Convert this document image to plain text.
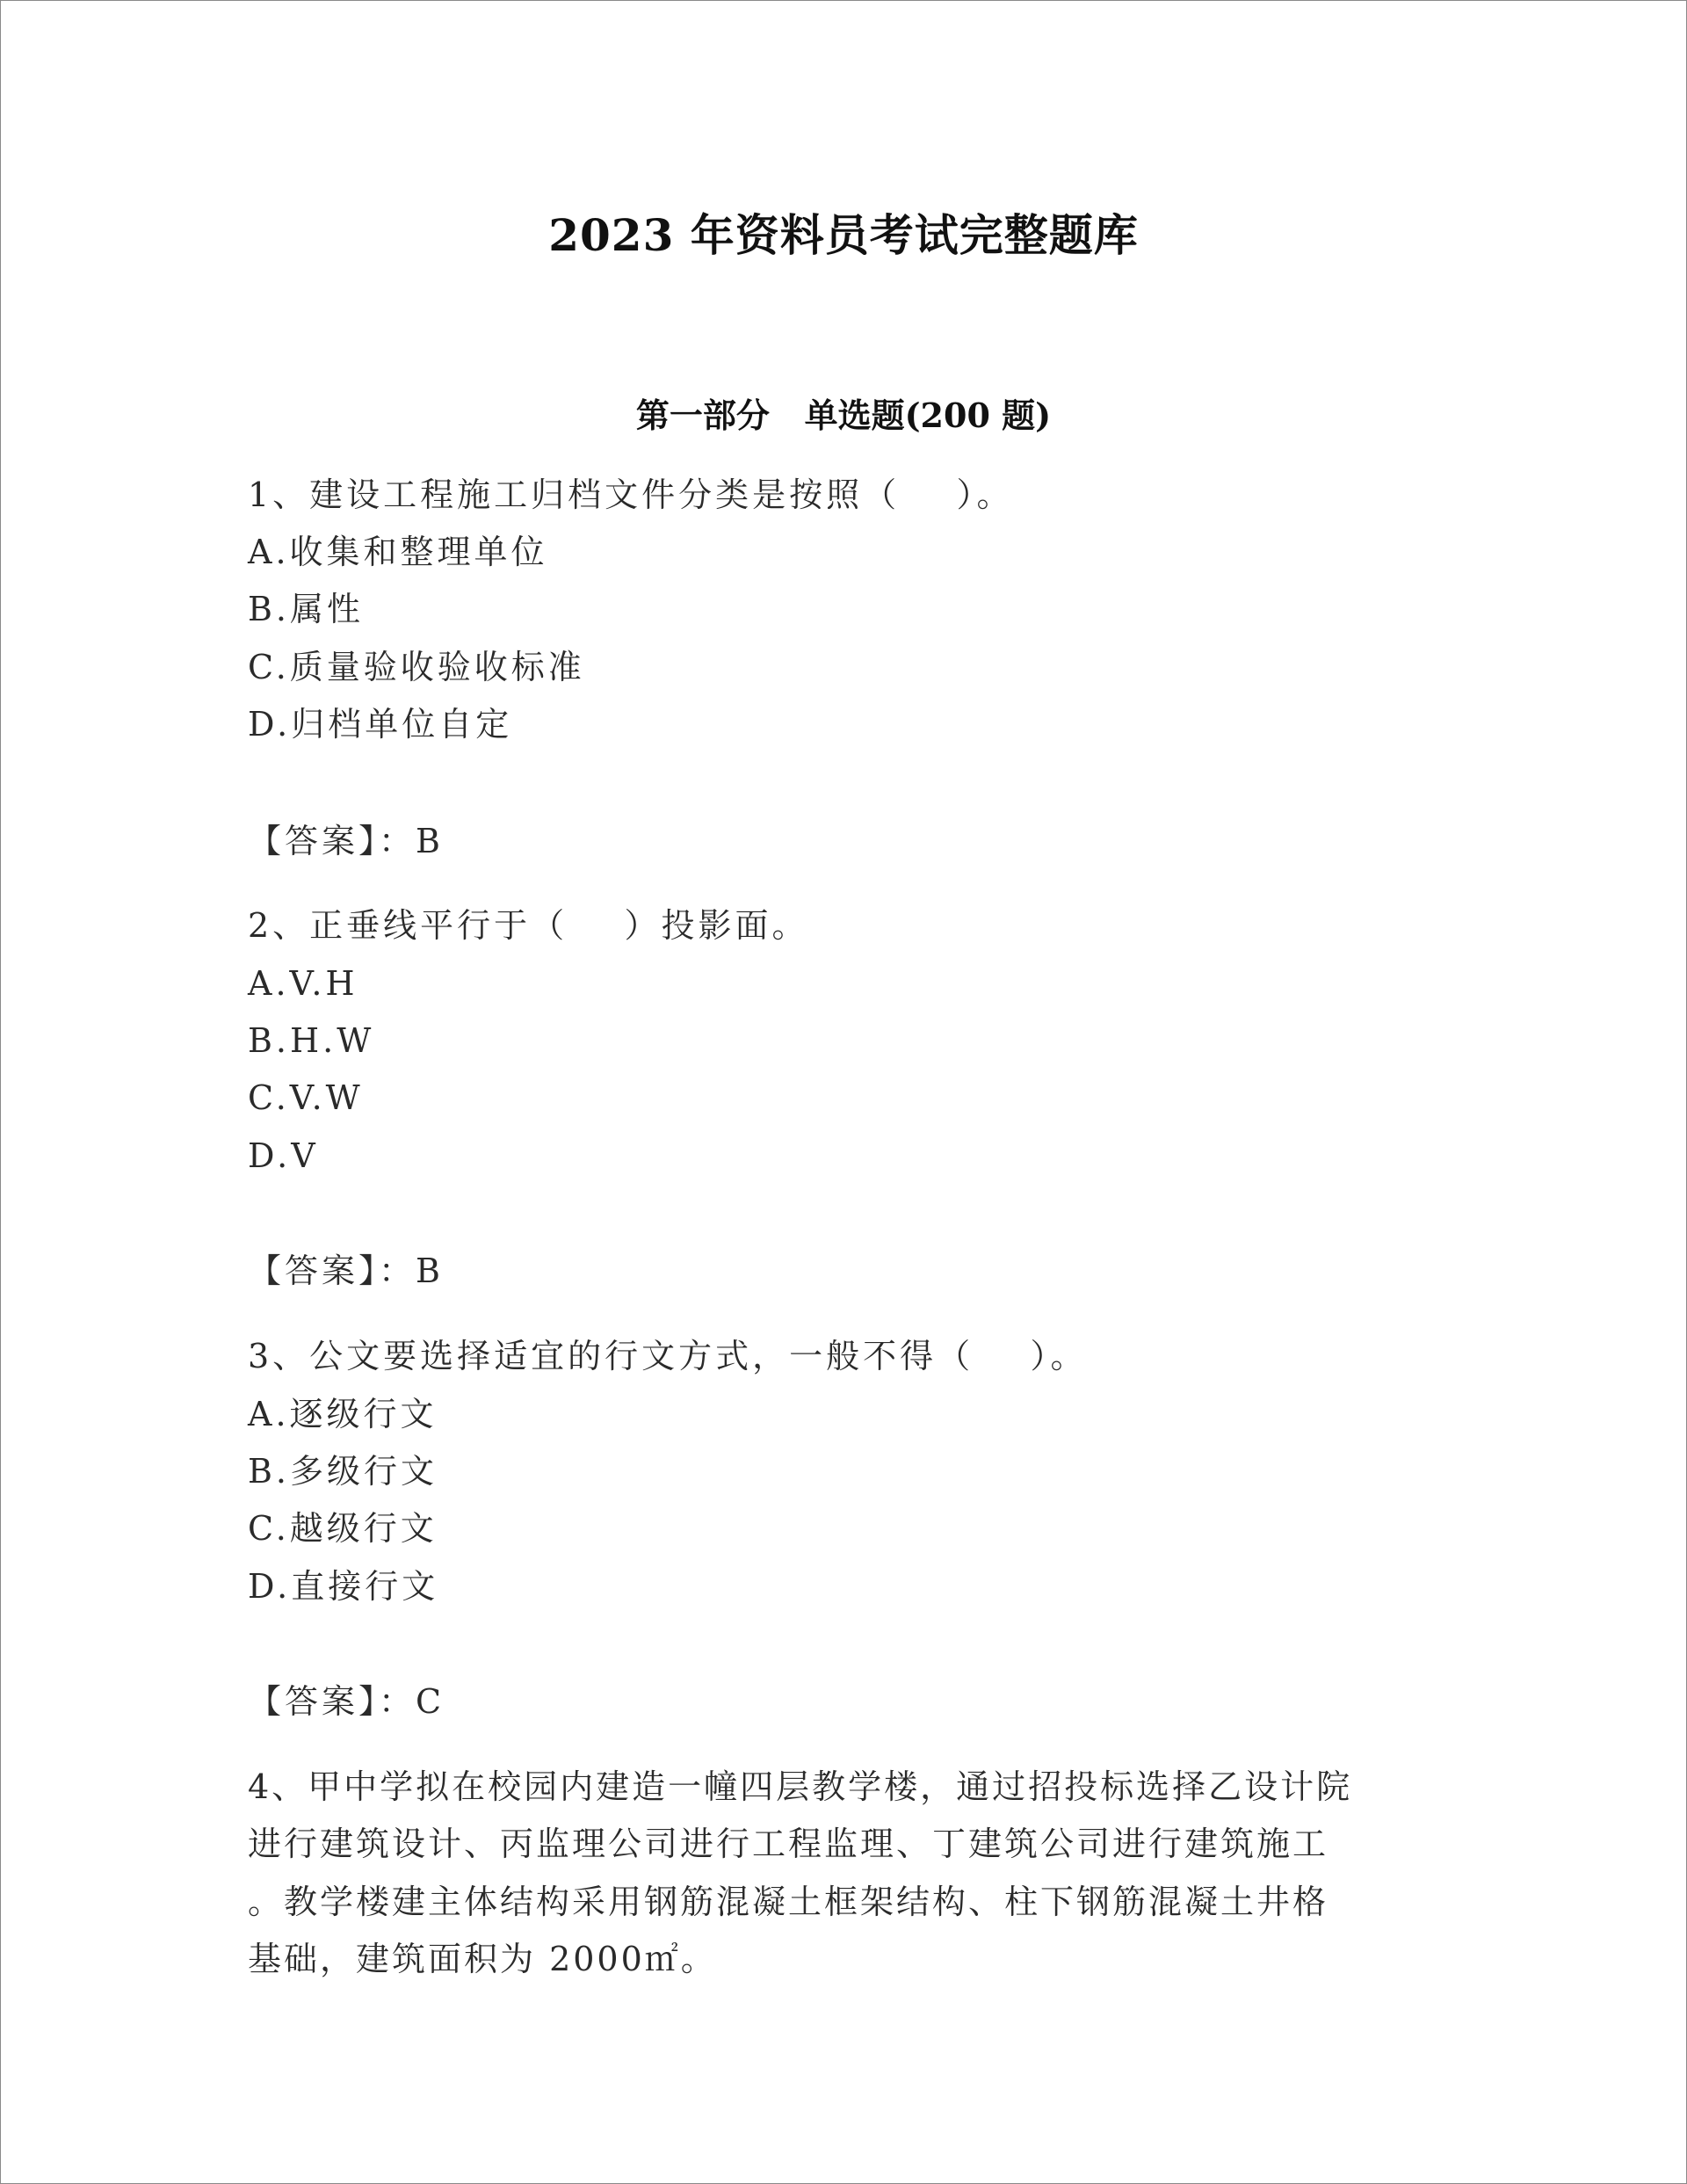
2023 年资料员考试完整题库
第一部分   单选题(200 题)
1、建设工程施工归档文件分类是按照（    ）。
A.收集和整理单位
B.属性
C.质量验收验收标准
D.归档单位自定
【答案】：B
2、正垂线平行于（    ）投影面。
A.V.H
B.H.W
C.V.W
D.V
【答案】：B
3、公文要选择适宜的行文方式，一般不得（    ）。
A.逐级行文
B.多级行文
C.越级行文
D.直接行文
【答案】：C
4、甲中学拟在校园内建造一幢四层教学楼，通过招投标选择乙设计院
进行建筑设计、丙监理公司进行工程监理、丁建筑公司进行建筑施工
。教学楼建主体结构采用钢筋混凝土框架结构、柱下钢筋混凝土井格
基础，建筑面积为 2000㎡。
